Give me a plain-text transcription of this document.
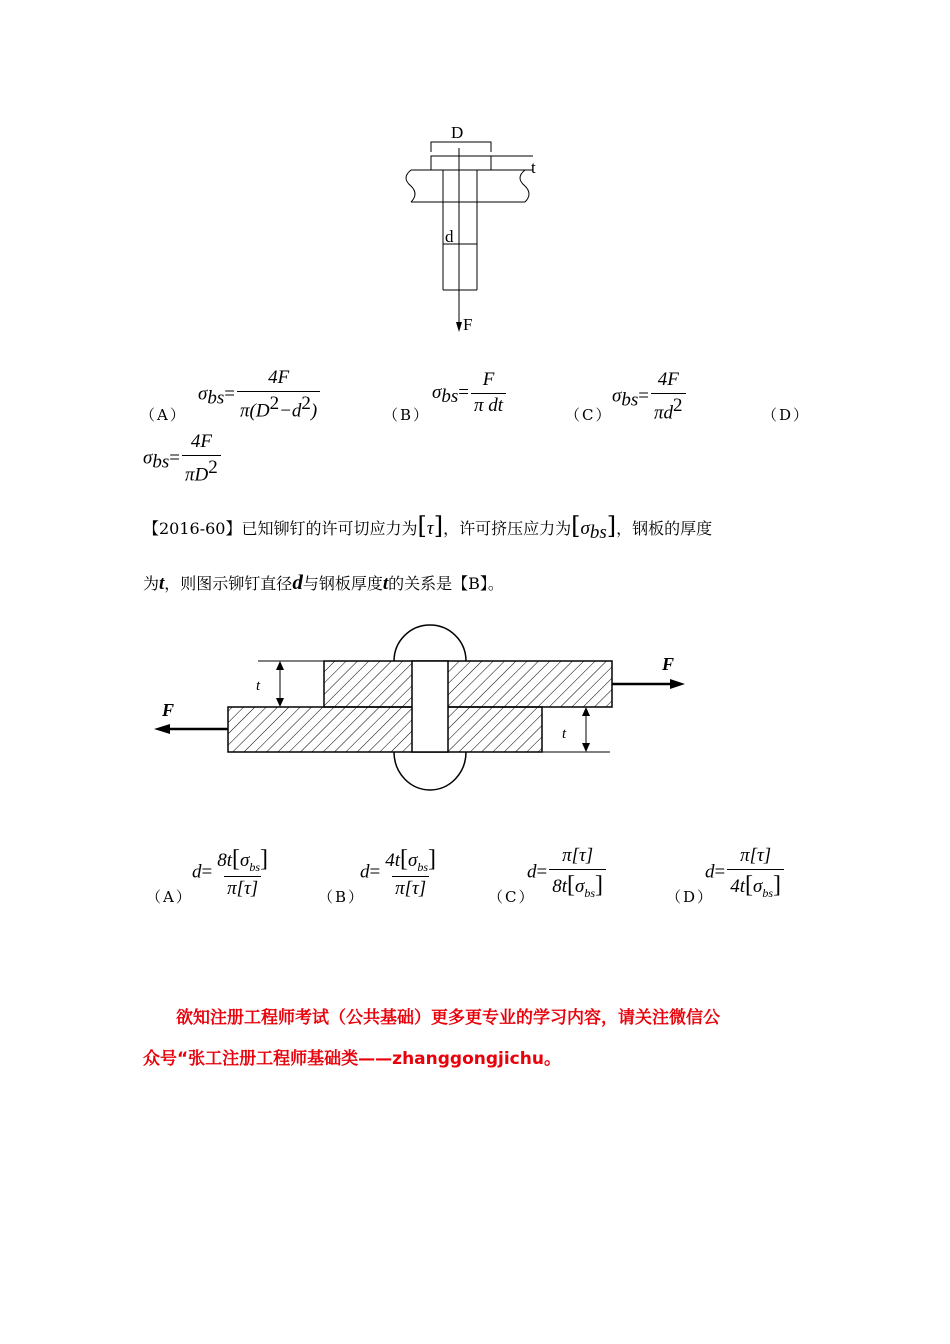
D
t
d
F
$\sigma_{bs}= \frac{4F}{\pi(D^2-d^2)}$
（A）	（B）
$\sigma_{bs}= \frac{F}{\text{π dt}}$	（C）
$\sigma_{bs}= \frac{4F}{\pi d^2}$	（D）
$\sigma_{bs}= \frac{4F}{\pi D^2}$
【2016-60】已知铆钉的许可切应力为[τ]，许可挤压应力为$[\sigma_{bs}]$，钢板的厚度
为t，则图示铆钉直径d与钢板厚度t的关系是【B】。
F
F
t
t
（A）
$d= \frac{8t[\sigma_{bs}]}{\pi[\tau]}$	（B）
$d= \frac{4t[\sigma_{bs}]}{\pi[\tau]}$	（C）
$d= \frac{\pi[\tau]}{8t[\sigma_{bs}]}$	（D）
$d= \frac{\pi[\tau]}{4t[\sigma_{bs}]}$
欲知注册工程师考试（公共基础）更多更专业的学习内容，请关注微信公
众号“张工注册工程师基础类——zhanggongjichu。
